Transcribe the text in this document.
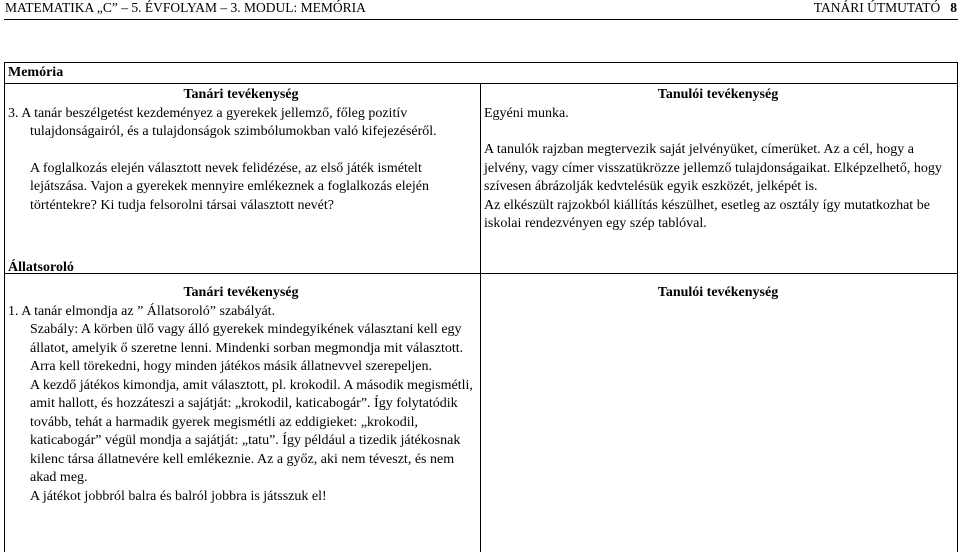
MATEMATIKA „C” – 5. ÉVFOLYAM – 3. MODUL: MEMÓRIA	TANÁRI ÚTMUTATÓ 8
Memória

Tanári tevékenység

3. A tanár beszélgetést kezdeményez a gyerekek jellemző, főleg pozitív tulajdonságairól, és a tulajdonságok szimbólumokban való kifejezéséről.

A foglalkozás elején választott nevek felidézése, az első játék ismételt lejátszása. Vajon a gyerekek mennyire emlékeznek a foglalkozás elején történtekre? Ki tudja felsorolni társai választott nevét?

Tanulói tevékenység

Egyéni munka.

A tanulók rajzban megtervezik saját jelvényüket, címerüket. Az a cél, hogy a jelvény, vagy címer visszatükrözze jellemző tulajdonságaikat. Elképzelhető, hogy szívesen ábrázolják kedvtelésük egyik eszközét, jelképét is.

Az elkészült rajzokból kiállítás készülhet, esetleg az osztály így mutatkozhat be iskolai rendezvényen egy szép tablóval.

Állatsoroló

Tanári tevékenység

1. A tanár elmondja az ” Állatsoroló” szabályát.

Szabály: A körben ülő vagy álló gyerekek mindegyikének választani kell egy állatot, amelyik ő szeretne lenni. Mindenki sorban megmondja mit választott. Arra kell törekedni, hogy minden játékos másik állatnevvel szerepeljen.

A kezdő játékos kimondja, amit választott, pl. krokodil. A második megismétli, amit hallott, és hozzáteszi a sajátját: „krokodil, katicabogár”. Így folytatódik tovább, tehát a harmadik gyerek megismétli az eddigieket: „krokodil, katicabogár” végül mondja a sajátját: „tatu”. Így például a tizedik játékosnak kilenc társa állatnevére kell emlékeznie. Az a győz, aki nem téveszt, és nem akad meg.

A játékot jobbról balra és balról jobbra is játsszuk el!

Tanulói tevékenység
